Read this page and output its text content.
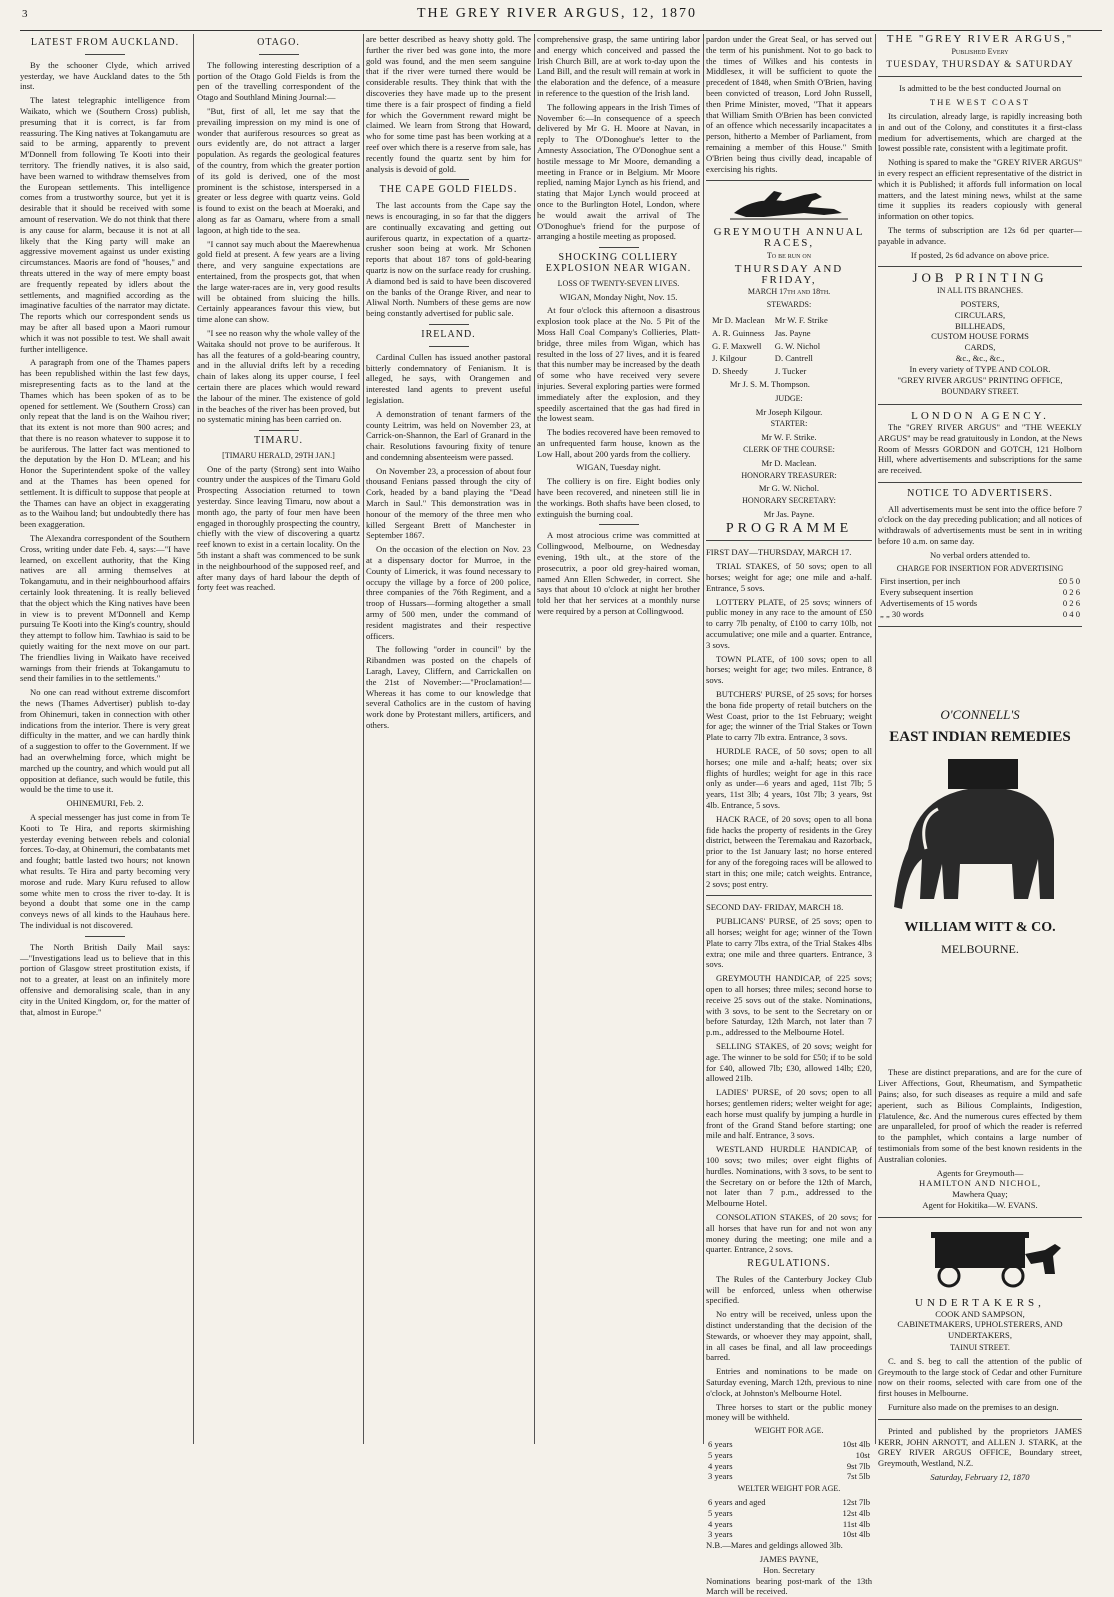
3	THE GREY RIVER ARGUS, 12, 1870
LATEST FROM AUCKLAND.

By the schooner Clyde, which arrived yesterday, we have Auckland dates to the 5th inst.

The latest telegraphic intelligence from Waikato, which we (Southern Cross) publish, presuming that it is correct, is far from reassuring. The King natives at Tokangamutu are said to be arming, apparently to prevent M'Donnell from following Te Kooti into their territory. The friendly natives, it is also said, have been warned to withdraw themselves from the European settlements. This intelligence comes from a trustworthy source, but yet it is desirable that it should be received with some amount of reservation. We do not think that there is any cause for alarm, because it is not at all likely that the King party will make an aggressive movement against us under existing circumstances. Maoris are fond of "houses," and threats uttered in the way of mere empty boast are frequently repeated by idlers about the settlements, and magnified according as the imaginative faculties of the narrator may dictate. The reports which our correspondent sends us may be after all based upon a Maori rumour which it was not possible to test. We shall await further intelligence.

A paragraph from one of the Thames papers has been republished within the last few days, misrepresenting facts as to the land at the Thames which has been spoken of as to be opened for settlement. We (Southern Cross) can only repeat that the land is on the Waihou river; that its extent is not more than 900 acres; and that there is no reason whatever to suppose it to be auriferous. The latter fact was mentioned to the deputation by the Hon D. M'Lean; and his Honor the Superintendent spoke of the valley and at the Thames has been opened for settlement. It is difficult to suppose that people at the Thames can have an object in exaggerating as to the Waihou land; but undoubtedly there has been exaggeration.

The Alexandra correspondent of the Southern Cross, writing under date Feb. 4, says:—"I have learned, on excellent authority, that the King natives are all arming themselves at Tokangamutu, and in their neighbourhood affairs certainly look threatening. It is really believed that the object which the King natives have been in view is to prevent M'Donnell and Kemp pursuing Te Kooti into the King's country, should they attempt to follow him. Tawhiao is said to be quietly waiting for the next move on our part. The friendlies living in Waikato have received warnings from their friends at Tokangamutu to send their families in to the settlements."

No one can read without extreme discomfort the news (Thames Advertiser) publish to-day from Ohinemuri, taken in connection with other indications from the interior. There is very great difficulty in the matter, and we can hardly think of a suggestion to offer to the Government. If we had an overwhelming force, which might be marched up the country, and which would put all opposition at defiance, such would be futile, this would be the time to use it.

OHINEMURI, Feb. 2.

A special messenger has just come in from Te Kooti to Te Hira, and reports skirmishing yesterday evening between rebels and colonial forces. To-day, at Ohinemuri, the combatants met and fought; battle lasted two hours; not known what results. Te Hira and party becoming very morose and rude. Mary Kuru refused to allow some white men to cross the river to-day. It is beyond a doubt that some one in the camp conveys news of all kinds to the Hauhaus here. The individual is not discovered.

The North British Daily Mail says:—"Investigations lead us to believe that in this portion of Glasgow street prostitution exists, if not to a greater, at least on an infinitely more offensive and demoralising scale, than in any city in the United Kingdom, or, for the matter of that, almost in Europe."

OTAGO.

The following interesting description of a portion of the Otago Gold Fields is from the pen of the travelling correspondent of the Otago and Southland Mining Journal:—

"But, first of all, let me say that the prevailing impression on my mind is one of wonder that auriferous resources so great as ours evidently are, do not attract a larger population. As regards the geological features of the country, from which the greater portion of its gold is derived, one of the most prominent is the schistose, interspersed in a greater or less degree with quartz veins. Gold is found to exist on the beach at Moeraki, and along as far as Oamaru, where from a small lagoon, at high tide to the sea.

"I cannot say much about the Maerewhenua gold field at present. A few years are a living there, and very sanguine expectations are entertained, from the prospects got, that when the large water-races are in, very good results will be obtained from sluicing the hills. Certainly appearances favour this view, but time alone can show.

"I see no reason why the whole valley of the Waitaka should not prove to be auriferous. It has all the features of a gold-bearing country, and in the alluvial drifts left by a receding chain of lakes along its upper course, I feel certain there are places which would reward the labour of the miner. The existence of gold in the beaches of the river has been proved, but no systematic mining has been carried on.

TIMARU.
[TIMARU HERALD, 29TH JAN.]

One of the party (Strong) sent into Waiho country under the auspices of the Timaru Gold Prospecting Association returned to town yesterday. Since leaving Timaru, now about a month ago, the party of four men have been engaged in thoroughly prospecting the country, chiefly with the view of discovering a quartz reef known to exist in a certain locality. On the 5th instant a shaft was commenced to be sunk in the neighbourhood of the supposed reef, and after many days of hard labour the depth of forty feet was reached.

are better described as heavy shotty gold. The further the river bed was gone into, the more gold was found, and the men seem sanguine that if the river were turned there would be considerable results. They think that with the discoveries they have made up to the present time there is a fair prospect of finding a field for which the Government reward might be claimed. We learn from Strong that Howard, who for some time past has been working at a reef over which there is a reserve from sale, has recently found the quartz sent by him for analysis is devoid of gold.

THE CAPE GOLD FIELDS.

The last accounts from the Cape say the news is encouraging, in so far that the diggers are continually excavating and getting out auriferous quartz, in expectation of a quartz-crusher soon being at work. Mr Schonen reports that about 187 tons of gold-bearing quartz is now on the surface ready for crushing. A diamond bed is said to have been discovered on the banks of the Orange River, and near to Aliwal North. Numbers of these gems are now being constantly advertised for public sale.

IRELAND.

Cardinal Cullen has issued another pastoral bitterly condemnatory of Fenianism. It is alleged, he says, with Orangemen and interested land agents to prevent useful legislation.

A demonstration of tenant farmers of the county Leitrim, was held on November 23, at Carrick-on-Shannon, the Earl of Granard in the chair. Resolutions favouring fixity of tenure and condemning absenteeism were passed.

On November 23, a procession of about four thousand Fenians passed through the city of Cork, headed by a band playing the "Dead March in Saul." This demonstration was in honour of the memory of the three men who killed Sergeant Brett of Manchester in September 1867.

On the occasion of the election on Nov. 23 at a dispensary doctor for Murroe, in the County of Limerick, it was found necessary to occupy the village by a force of 200 police, three companies of the 76th Regiment, and a troop of Hussars—forming altogether a small army of 500 men, under the command of resident magistrates and their respective officers.

The following "order in council" by the Ribandmen was posted on the chapels of Laragh, Lavey, Cliffern, and Carrickallen on the 21st of November:—"Proclamation!—Whereas it has come to our knowledge that several Catholics are in the custom of having work done by Protestant millers, artificers, and others.

comprehensive grasp, the same untiring labor and energy which conceived and passed the Irish Church Bill, are at work to-day upon the Land Bill, and the result will remain at work in the elaboration and the defence, of a measure in reference to the question of the Irish land.

The following appears in the Irish Times of November 6:—In consequence of a speech delivered by Mr G. H. Moore at Navan, in reply to The O'Donoghue's letter to the Amnesty Association, The O'Donoghue sent a hostile message to Mr Moore, demanding a meeting in France or in Belgium. Mr Moore replied, naming Major Lynch as his friend, and stating that Major Lynch would proceed at once to the Burlington Hotel, London, where he would await the arrival of The O'Donoghue's friend for the purpose of arranging a hostile meeting as proposed.

SHOCKING COLLIERY EXPLOSION NEAR WIGAN.
LOSS OF TWENTY-SEVEN LIVES.

WIGAN, Monday Night, Nov. 15.

At four o'clock this afternoon a disastrous explosion took place at the No. 5 Pit of the Moss Hall Coal Company's Collieries, Platt-bridge, three miles from Wigan, which has resulted in the loss of 27 lives, and it is feared that this number may be increased by the death of some who have received very severe injuries. Several exploring parties were formed immediately after the explosion, and they speedily ascertained that the gas had fired in the lowest seam.

The bodies recovered have been removed to an unfrequented farm house, known as the Low Hall, about 200 yards from the colliery.

WIGAN, Tuesday night.

The colliery is on fire. Eight bodies only have been recovered, and nineteen still lie in the workings. Both shafts have been closed, to extinguish the burning coal.

A most atrocious crime was committed at Collingwood, Melbourne, on Wednesday evening, 19th ult., at the store of the prosecutrix, a poor old grey-haired woman, named Ann Ellen Schweder, in correct. She says that about 10 o'clock at night her brother told her that her services at a monthly nurse were required by a person at Collingwood.

pardon under the Great Seal, or has served out the term of his punishment. Not to go back to the times of Wilkes and his contests in Middlesex, it will be sufficient to quote the precedent of 1848, when Smith O'Brien, having been convicted of treason, Lord John Russell, then Prime Minister, moved, "That it appears that William Smith O'Brien has been convicted of an offence which necessarily incapacitates a person, hitherto a Member of Parliament, from remaining a member of this House." Smith O'Brien being thus civilly dead, incapable of exercising his rights.

GREYMOUTH ANNUAL RACES,
To be run on
THURSDAY AND FRIDAY,
MARCH 17th and 18th.
STEWARDS:
Mr D. Maclean	Mr W. F. Strike
A. R. Guinness	Jas. Payne
G. F. Maxwell	G. W. Nichol
J. Kilgour	D. Cantrell
D. Sheedy	J. Tucker
Mr J. S. M. Thompson.	
JUDGE:
Mr Joseph Kilgour.
STARTER:
Mr W. F. Strike.
CLERK OF THE COURSE:
Mr D. Maclean.
HONORARY TREASURER:
Mr G. W. Nichol.
HONORARY SECRETARY:
Mr Jas. Payne.
PROGRAMME

FIRST DAY—THURSDAY, MARCH 17.

TRIAL STAKES, of 50 sovs; open to all horses; weight for age; one mile and a-half. Entrance, 5 sovs.

LOTTERY PLATE, of 25 sovs; winners of public money in any race to the amount of £50 to carry 7lb penalty, of £100 to carry 10lb, not accumulative; one mile and a quarter. Entrance, 3 sovs.

TOWN PLATE, of 100 sovs; open to all horses; weight for age; two miles. Entrance, 8 sovs.

BUTCHERS' PURSE, of 25 sovs; for horses the bona fide property of retail butchers on the West Coast, prior to the 1st February; weight for age; the winner of the Trial Stakes or Town Plate to carry 7lb extra. Entrance, 3 sovs.

HURDLE RACE, of 50 sovs; open to all horses; one mile and a-half; heats; over six flights of hurdles; weight for age in this race only as under—6 years and aged, 11st 7lb; 5 years, 11st 3lb; 4 years, 10st 7lb; 3 years, 9st 4lb. Entrance, 5 sovs.

HACK RACE, of 20 sovs; open to all bona fide hacks the property of residents in the Grey district, between the Teremakau and Razorback, prior to the 1st January last; no horse entered for any of the foregoing races will be allowed to start in this; one mile; catch weights. Entrance, 2 sovs; post entry.

SECOND DAY- FRIDAY, MARCH 18.

PUBLICANS' PURSE, of 25 sovs; open to all horses; weight for age; winner of the Town Plate to carry 7lbs extra, of the Trial Stakes 4lbs extra; one mile and three quarters. Entrance, 3 sovs.

GREYMOUTH HANDICAP, of 225 sovs; open to all horses; three miles; second horse to receive 25 sovs out of the stake. Nominations, with 3 sovs, to be sent to the Secretary on or before Saturday, 12th March, not later than 7 p.m., addressed to the Melbourne Hotel.

SELLING STAKES, of 20 sovs; weight for age. The winner to be sold for £50; if to be sold for £40, allowed 7lb; £30, allowed 14lb; £20, allowed 21lb.

LADIES' PURSE, of 20 sovs; open to all horses; gentlemen riders; welter weight for age; each horse must qualify by jumping a hurdle in front of the Grand Stand before starting; one mile and half. Entrance, 3 sovs.

WESTLAND HURDLE HANDICAP, of 100 sovs; two miles; over eight flights of hurdles. Nominations, with 3 sovs, to be sent to the Secretary on or before the 12th of March, not later than 7 p.m., addressed to the Melbourne Hotel.

CONSOLATION STAKES, of 20 sovs; for all horses that have run for and not won any money during the meeting; one mile and a quarter. Entrance, 2 sovs.

REGULATIONS.

The Rules of the Canterbury Jockey Club will be enforced, unless when otherwise specified.

No entry will be received, unless upon the distinct understanding that the decision of the Stewards, or whoever they may appoint, shall, in all cases be final, and all law proceedings barred.

Entries and nominations to be made on Saturday evening, March 12th, previous to nine o'clock, at Johnston's Melbourne Hotel.

Three horses to start or the public money money will be withheld.

WEIGHT FOR AGE.
6 years	10st 4lb
5 years	10st
4 years	9st 7lb
3 years	7st 5lb
WELTER WEIGHT FOR AGE.
6 years and aged	12st 7lb
5 years	12st 4lb
4 years	11st 4lb
3 years	10st 4lb

N.B.—Mares and geldings allowed 3lb.

JAMES PAYNE,
Hon. Secretary

Nominations bearing post-mark of the 13th March will be received.

THE "GREY RIVER ARGUS,"
Published Every
TUESDAY, THURSDAY & SATURDAY

Is admitted to be the best conducted Journal on

THE WEST COAST

Its circulation, already large, is rapidly increasing both in and out of the Colony, and constitutes it a first-class medium for advertisements, which are charged at the lowest possible rate, consistent with a legitimate profit.

Nothing is spared to make the "GREY RIVER ARGUS" in every respect an efficient representative of the district in which it is Published; it affords full information on local matters, and the latest mining news, whilst at the same time it supplies its readers copiously with general information on other topics.

The terms of subscription are 12s 6d per quarter—payable in advance.

If posted, 2s 6d advance on above price.

JOB PRINTING
IN ALL ITS BRANCHES.
POSTERS,
CIRCULARS,
BILLHEADS,
CUSTOM HOUSE FORMS
CARDS,
&c., &c., &c.,
In every variety of TYPE AND COLOR.
"GREY RIVER ARGUS" PRINTING OFFICE,
BOUNDARY STREET.
LONDON AGENCY.

The "GREY RIVER ARGUS" and "THE WEEKLY ARGUS" may be read gratuitously in London, at the News Room of Messrs GORDON and GOTCH, 121 Holborn Hill, where advertisements and subscriptions for the same are received.

NOTICE TO ADVERTISERS.

All advertisements must be sent into the office before 7 o'clock on the day preceding publication; and all notices of withdrawals of advertisements must be sent in in writing before 10 a.m. on same day.

No verbal orders attended to.

CHARGE FOR INSERTION FOR ADVERTISING
First insertion, per inch	£0 5 0
Every subsequent insertion	0 2 6
Advertisements of 15 words	0 2 6
„ „ 30 words	0 4 0
O'CONNELL'S
EAST INDIAN REMEDIES
WILLIAM WITT & CO.
MELBOURNE.

These are distinct preparations, and are for the cure of Liver Affections, Gout, Rheumatism, and Sympathetic Pains; also, for such diseases as require a mild and safe aperient, such as Bilious Complaints, Indigestion, Flatulence, &c. And the numerous cures effected by them are unparalleled, for proof of which the reader is referred to the pamphlet, which contains a large number of testimonials from some of the best known residents in the Australian colonies.

Agents for Greymouth—
HAMILTON AND NICHOL,
Mawhera Quay;
Agent for Hokitika—W. EVANS.
UNDERTAKERS,
COOK AND SAMPSON,
CABINETMAKERS, UPHOLSTERERS, AND UNDERTAKERS,
TAINUI STREET.

C. and S. beg to call the attention of the public of Greymouth to the large stock of Cedar and other Furniture now on their rooms, selected with care from one of the first houses in Melbourne.

Furniture also made on the premises to an design.

Printed and published by the proprietors JAMES KERR, JOHN ARNOTT, and ALLEN J. STARK, at the GREY RIVER ARGUS OFFICE, Boundary street, Greymouth, Westland, N.Z.

Saturday, February 12, 1870
